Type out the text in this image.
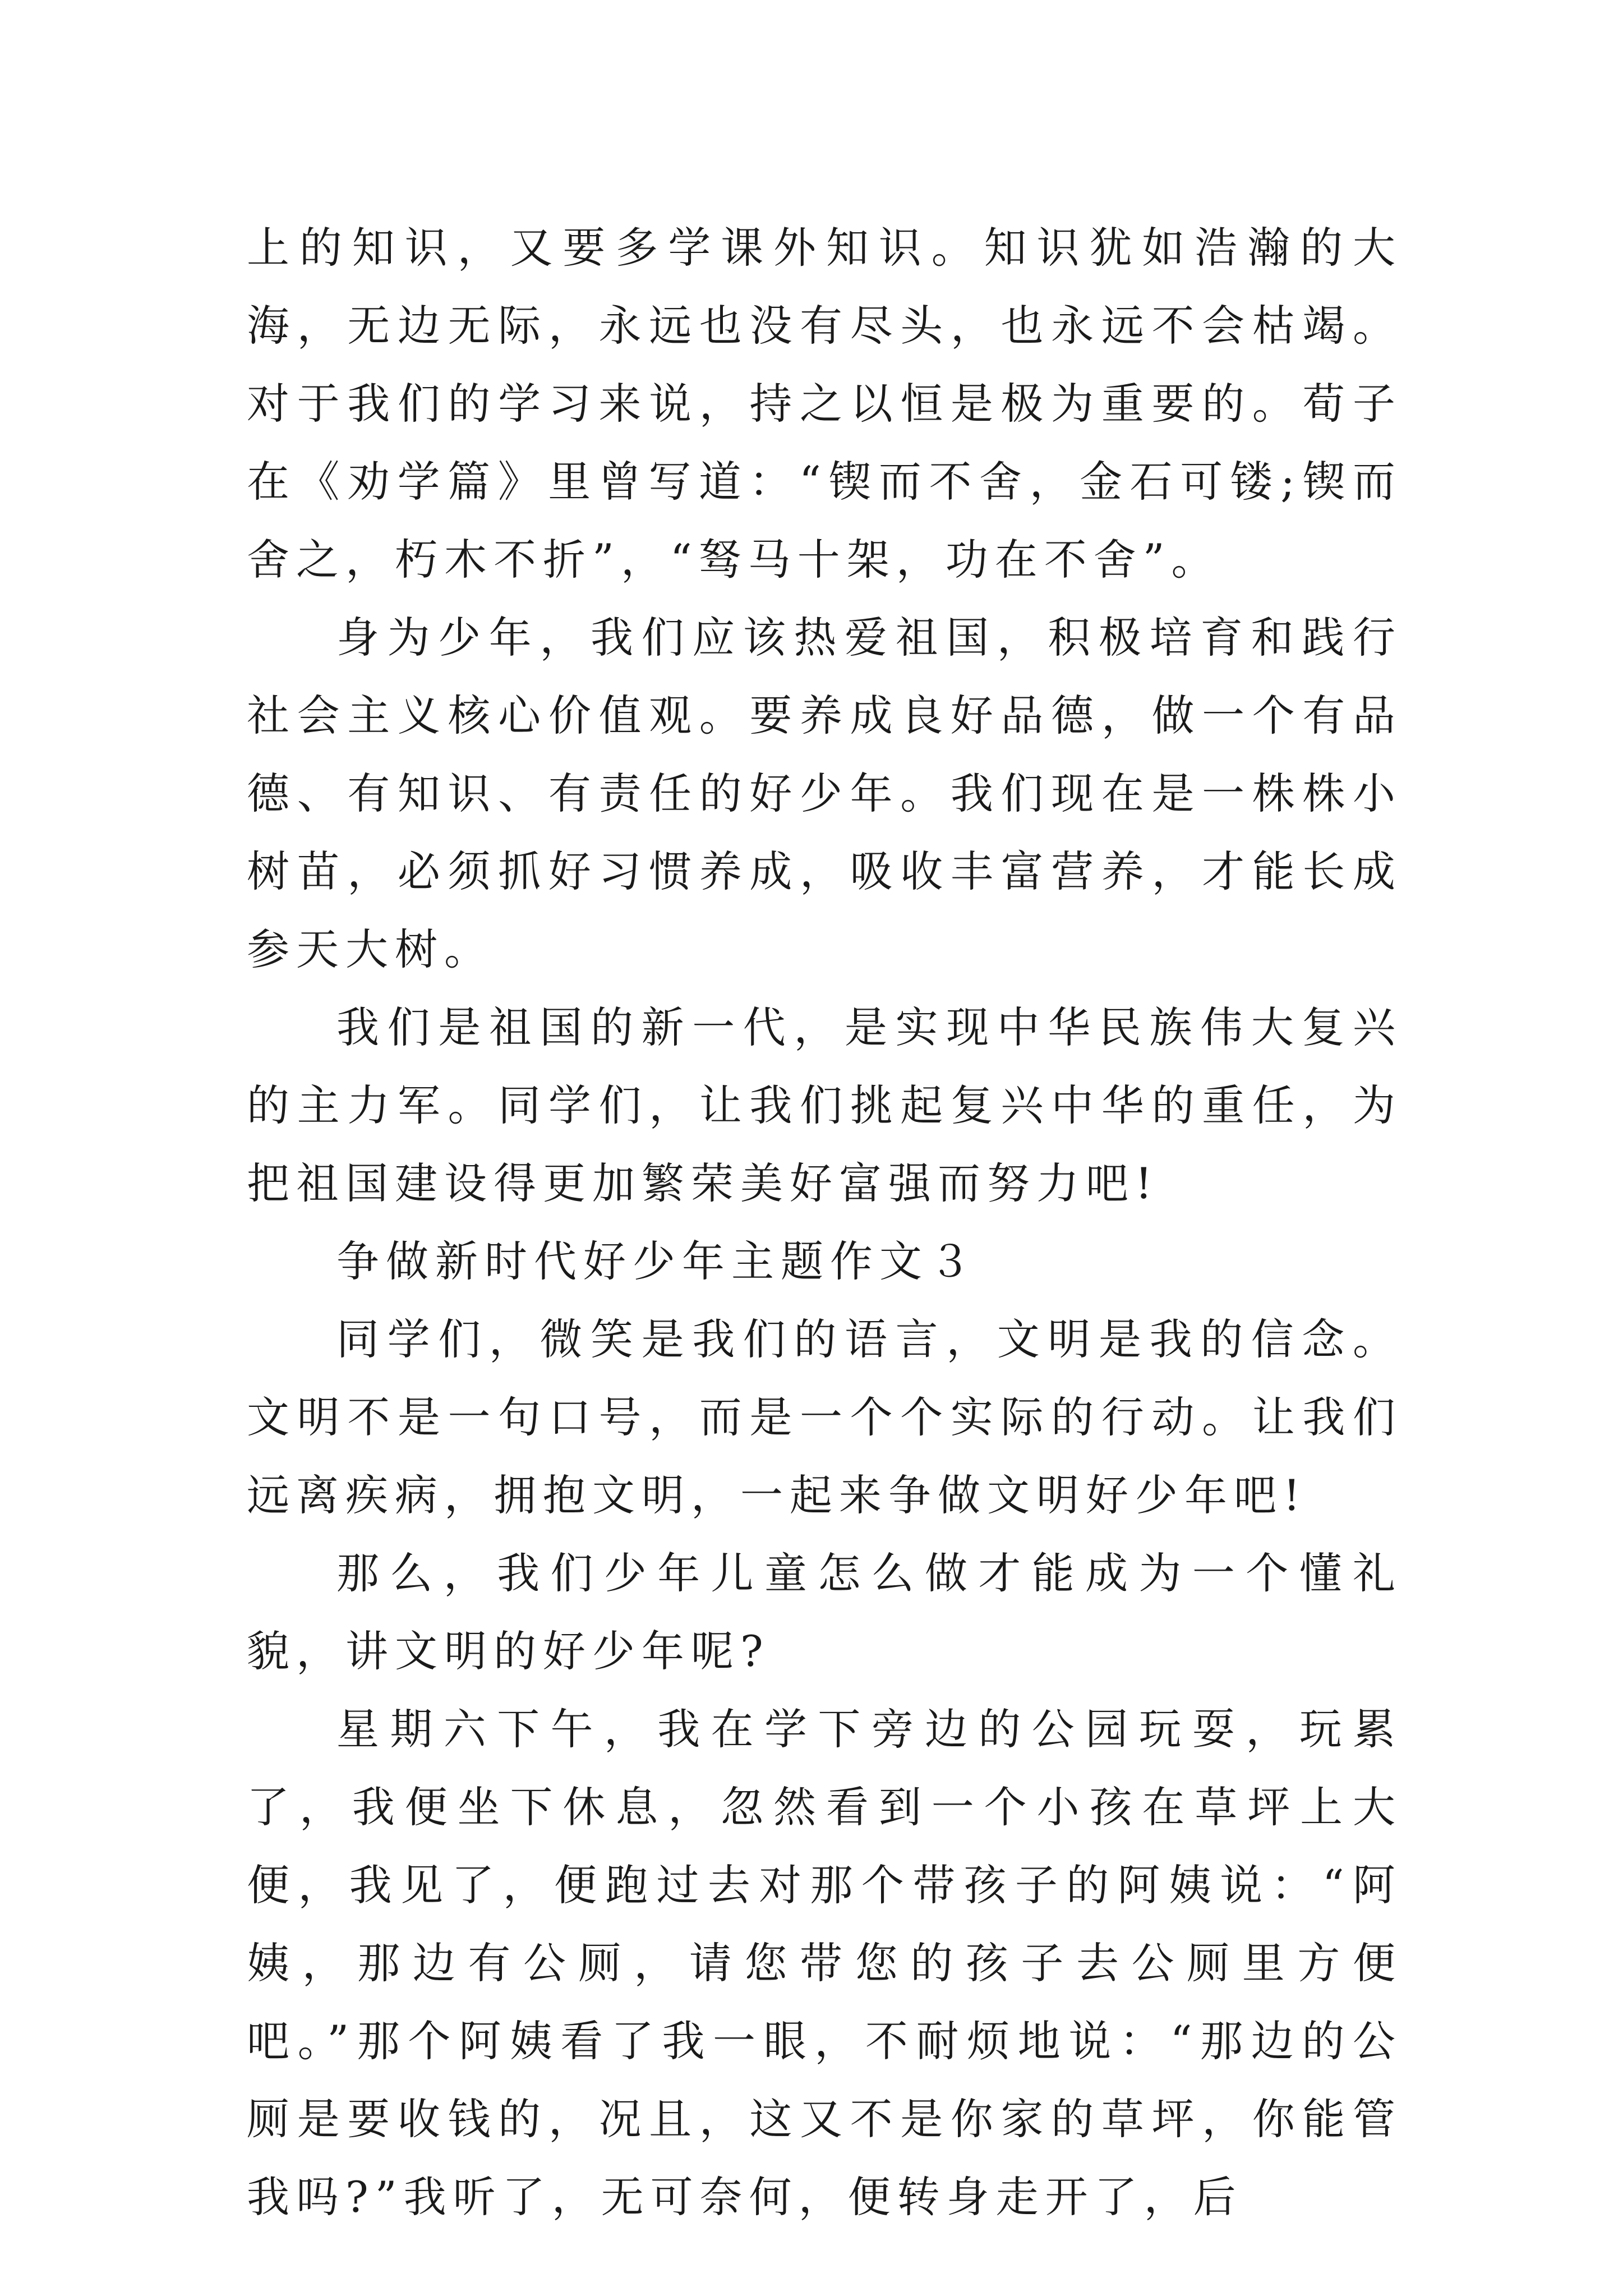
上的知识，又要多学课外知识。知识犹如浩瀚的大海，无边无际，永远也没有尽头，也永远不会枯竭。对于我们的学习来说，持之以恒是极为重要的。荀子在《劝学篇》里曾写道：“锲而不舍，金石可镂;锲而舍之，朽木不折”，“驽马十架，功在不舍”。

身为少年，我们应该热爱祖国，积极培育和践行社会主义核心价值观。要养成良好品德，做一个有品德、有知识、有责任的好少年。我们现在是一株株小树苗，必须抓好习惯养成，吸收丰富营养，才能长成参天大树。

我们是祖国的新一代，是实现中华民族伟大复兴的主力军。同学们，让我们挑起复兴中华的重任，为把祖国建设得更加繁荣美好富强而努力吧!

争做新时代好少年主题作文３

同学们，微笑是我们的语言，文明是我的信念。文明不是一句口号，而是一个个实际的行动。让我们远离疾病，拥抱文明，一起来争做文明好少年吧!

那么，我们少年儿童怎么做才能成为一个懂礼貌，讲文明的好少年呢?

星期六下午，我在学下旁边的公园玩耍，玩累了，我便坐下休息，忽然看到一个小孩在草坪上大便，我见了，便跑过去对那个带孩子的阿姨说：“阿姨，那边有公厕，请您带您的孩子去公厕里方便吧。”那个阿姨看了我一眼，不耐烦地说：“那边的公厕是要收钱的，况且，这又不是你家的草坪，你能管我吗?”我听了，无可奈何，便转身走开了，后
